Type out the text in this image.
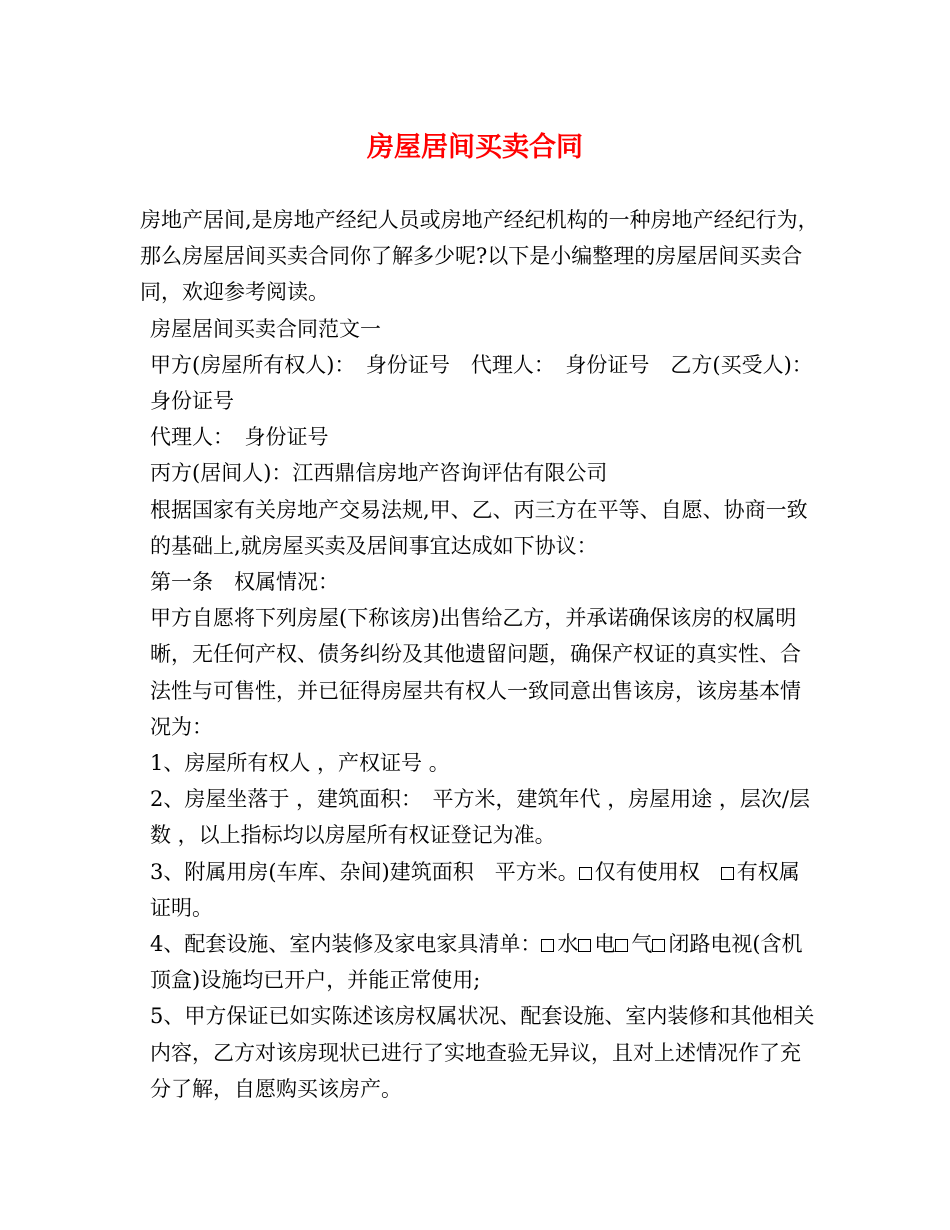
房屋居间买卖合同

房地产居间,是房地产经纪人员或房地产经纪机构的一种房地产经纪行为，那么房屋居间买卖合同你了解多少呢?以下是小编整理的房屋居间买卖合同，欢迎参考阅读。

房屋居间买卖合同范文一

甲方(房屋所有权人)：　身份证号　代理人：　身份证号　乙方(买受人)：

身份证号

代理人：　身份证号

丙方(居间人)：江西鼎信房地产咨询评估有限公司

根据国家有关房地产交易法规,甲、乙、丙三方在平等、自愿、协商一致的基础上,就房屋买卖及居间事宜达成如下协议：

第一条　权属情况：

甲方自愿将下列房屋(下称该房)出售给乙方，并承诺确保该房的权属明晰，无任何产权、债务纠纷及其他遗留问题，确保产权证的真实性、合法性与可售性，并已征得房屋共有权人一致同意出售该房，该房基本情况为：

1、房屋所有权人 ，产权证号 。

2、房屋坐落于 ，建筑面积：　平方米，建筑年代 ，房屋用途 ，层次/层数 ，以上指标均以房屋所有权证登记为准。

3、附属用房(车库、杂间)建筑面积　平方米。 仅有使用权　 有权属证明。

4、配套设施、室内装修及家电家具清单： 水 电 气 闭路电视(含机顶盒)设施均已开户，并能正常使用;

5、甲方保证已如实陈述该房权属状况、配套设施、室内装修和其他相关内容，乙方对该房现状已进行了实地查验无异议，且对上述情况作了充分了解，自愿购买该房产。
